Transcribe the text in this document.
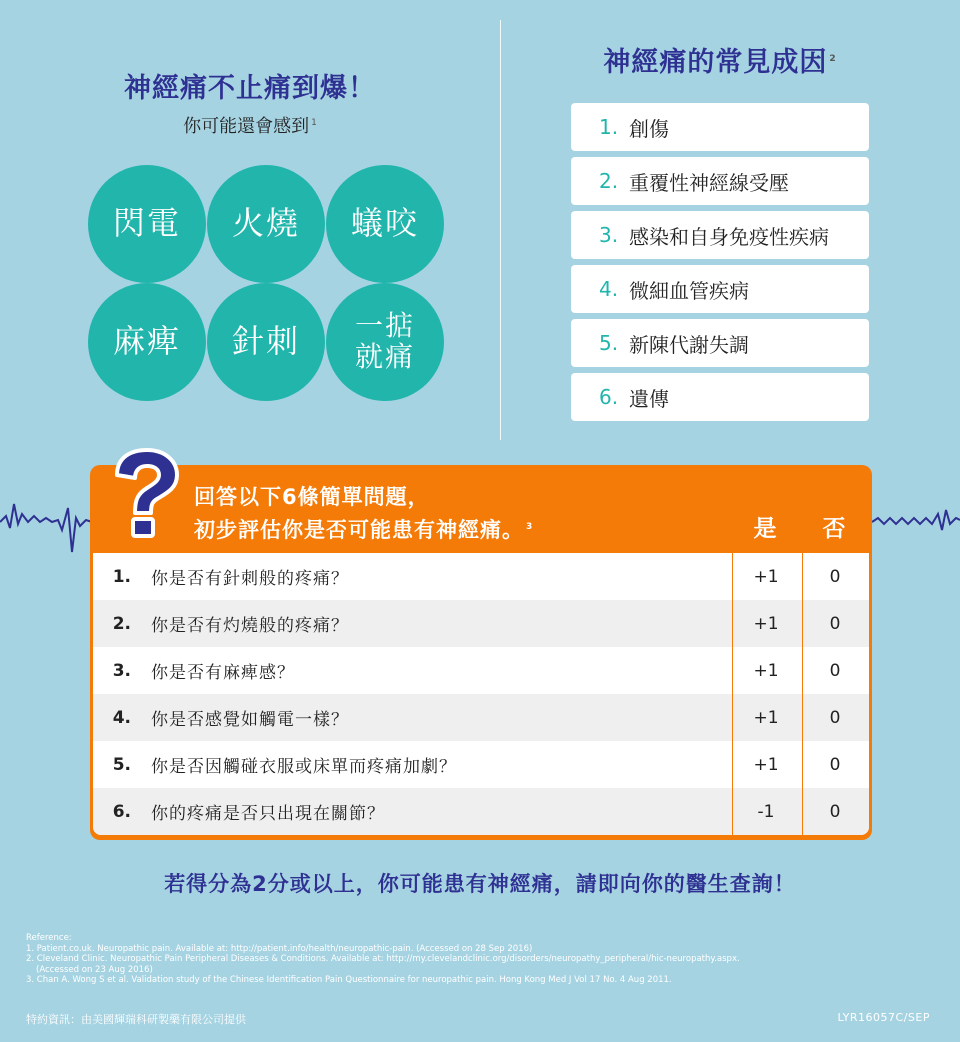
神經痛不止痛到爆！
你可能還會感到 $^1$
閃電	火燒	蟻咬
麻痺	針刺	一掂
就痛
神經痛的常見成因 $^2$
1. 創傷
2. 重覆性神經線受壓
3. 感染和自身免疫性疾病
4. 微細血管疾病
5. 新陳代謝失調
6. 遺傳
回答以下6條簡單問題，
初步評估你是否可能患有神經痛。 $^3$	是	否
1.	你是否有針刺般的疼痛？	+1	0
2.	你是否有灼燒般的疼痛？	+1	0
3.	你是否有麻痺感？	+1	0
4.	你是否感覺如觸電一樣？	+1	0
5.	你是否因觸碰衣服或床單而疼痛加劇？	+1	0
6.	你的疼痛是否只出現在關節？	-1	0
若得分為2分或以上，你可能患有神經痛，請即向你的醫生查詢！
Reference:
1. Patient.co.uk. Neuropathic pain. Available at: http://patient.info/health/neuropathic-pain. (Accessed on 28 Sep 2016)
2. Cleveland Clinic. Neuropathic Pain Peripheral Diseases & Conditions. Available at: http://my.clevelandclinic.org/disorders/neuropathy_peripheral/hic-neuropathy.aspx.
(Accessed on 23 Aug 2016)
3. Chan A. Wong S et al. Validation study of the Chinese Identification Pain Questionnaire for neuropathic pain. Hong Kong Med J Vol 17 No. 4 Aug 2011.
特約資訊：由美國輝瑞科研製藥有限公司提供	LYR16057C/SEP
